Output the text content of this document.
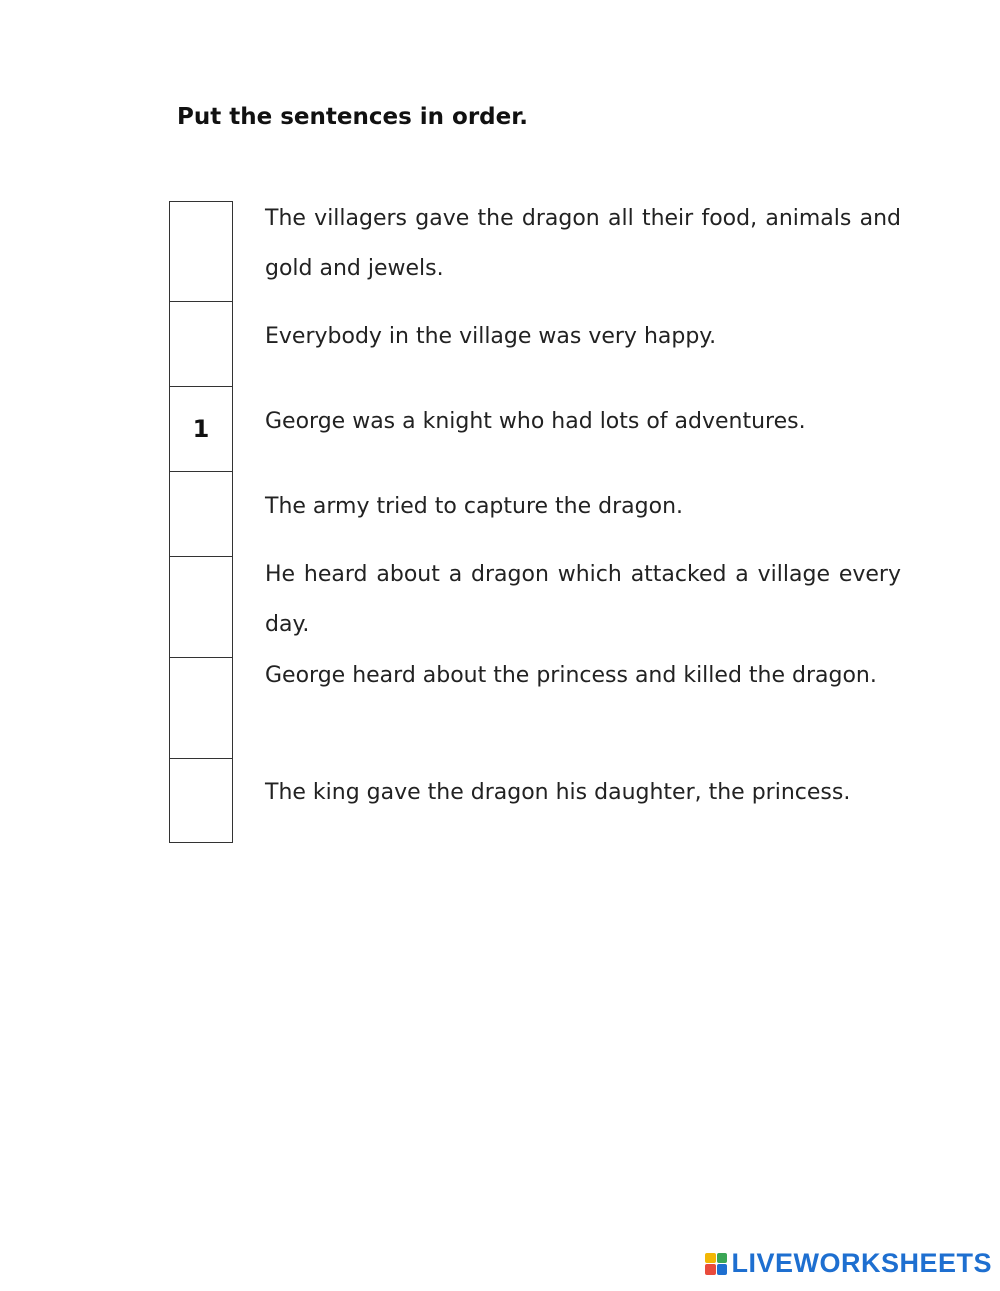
Put the sentences in order.
The villagers gave the dragon all their food, animals and gold and jewels.
Everybody in the village was very happy.
1	George was a knight who had lots of adventures.
The army tried to capture the dragon.
He heard about a dragon which attacked a village every day.
George heard about the princess and killed the dragon.
The king gave the dragon his daughter, the princess.
LIVEWORKSHEETS
